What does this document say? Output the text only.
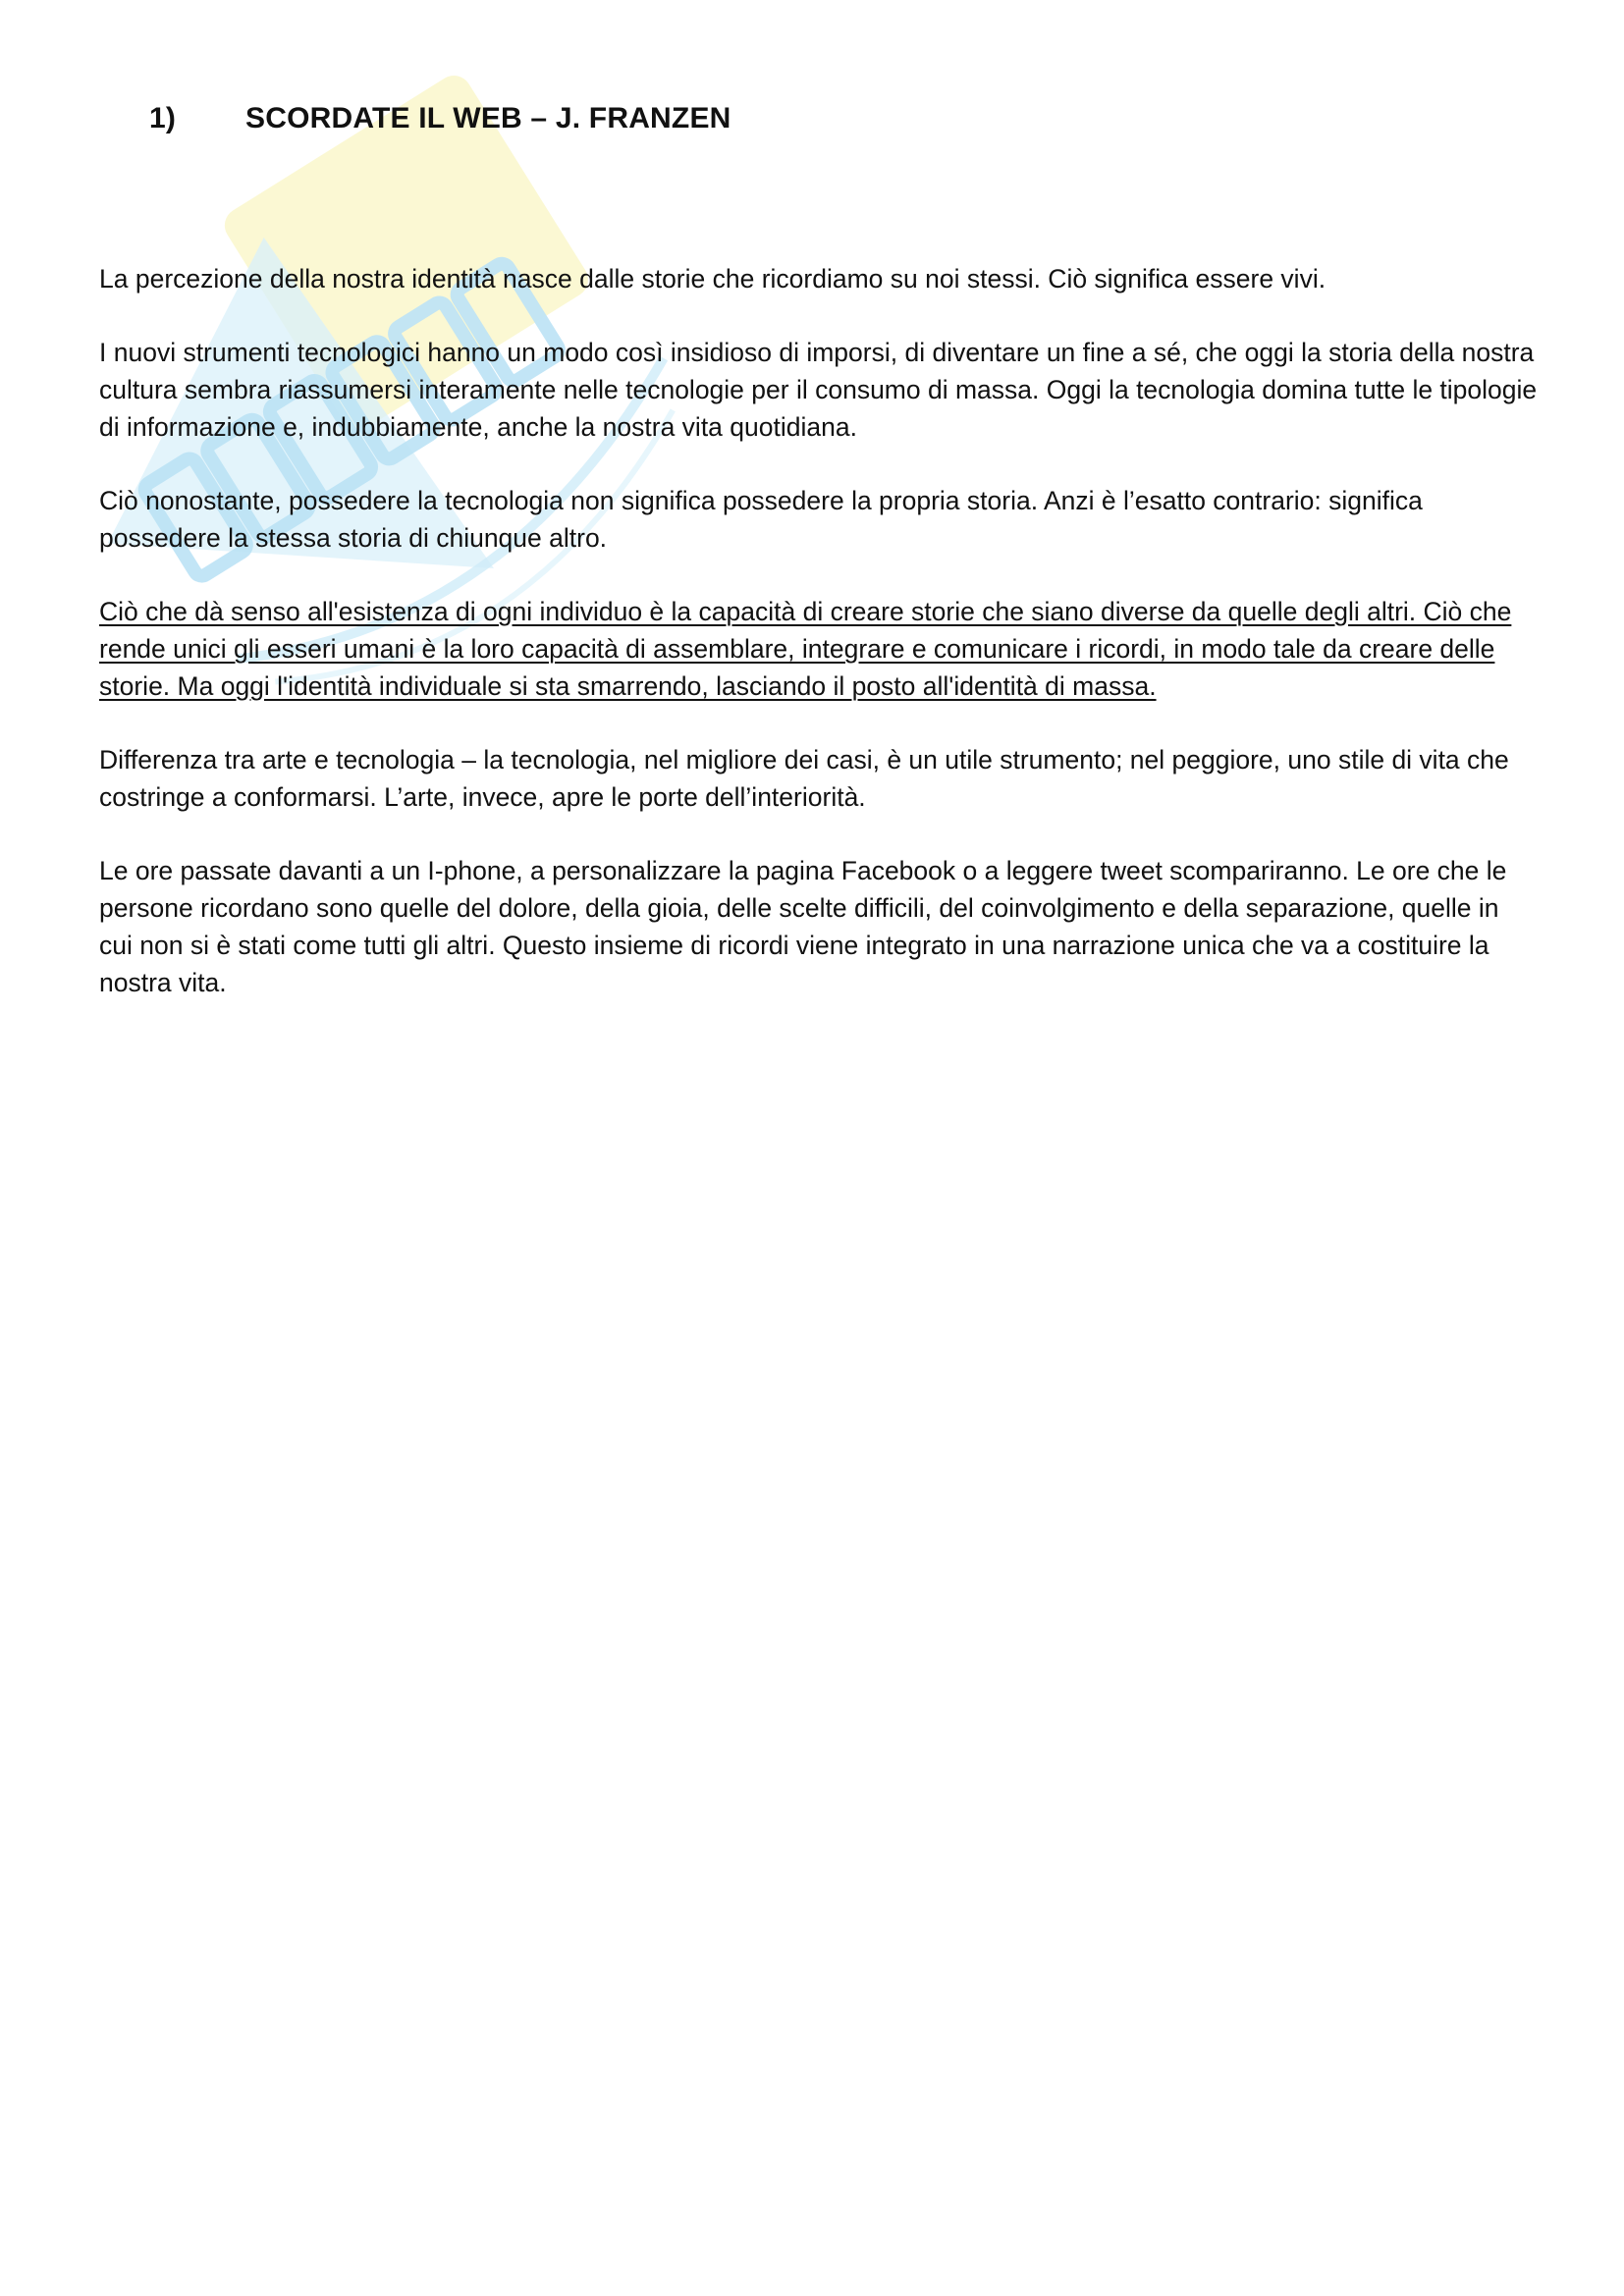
1)	SCORDATE IL WEB – J. FRANZEN

La percezione della nostra identità nasce dalle storie che ricordiamo su noi stessi. Ciò significa essere vivi.

I nuovi strumenti tecnologici hanno un modo così insidioso di imporsi, di diventare un fine a sé, che oggi la storia della nostra cultura sembra riassumersi interamente nelle tecnologie per il consumo di massa. Oggi la tecnologia domina tutte le tipologie di informazione e, indubbiamente, anche la nostra vita quotidiana.

Ciò nonostante, possedere la tecnologia non significa possedere la propria storia. Anzi è l’esatto contrario: significa possedere la stessa storia di chiunque altro.

Ciò che dà senso all'esistenza di ogni individuo è la capacità di creare storie che siano diverse da quelle degli altri. Ciò che rende unici gli esseri umani è la loro capacità di assemblare, integrare e comunicare i ricordi, in modo tale da creare delle storie. Ma oggi l'identità individuale si sta smarrendo, lasciando il posto all'identità di massa.

Differenza tra arte e tecnologia – la tecnologia, nel migliore dei casi, è un utile strumento; nel peggiore, uno stile di vita che costringe a conformarsi. L’arte, invece, apre le porte dell’interiorità.

Le ore passate davanti a un I-phone, a personalizzare la pagina Facebook o a leggere tweet scompariranno. Le ore che le persone ricordano sono quelle del dolore, della gioia, delle scelte difficili, del coinvolgimento e della separazione, quelle in cui non si è stati come tutti gli altri. Questo insieme di ricordi viene integrato in una narrazione unica che va a costituire la nostra vita.
